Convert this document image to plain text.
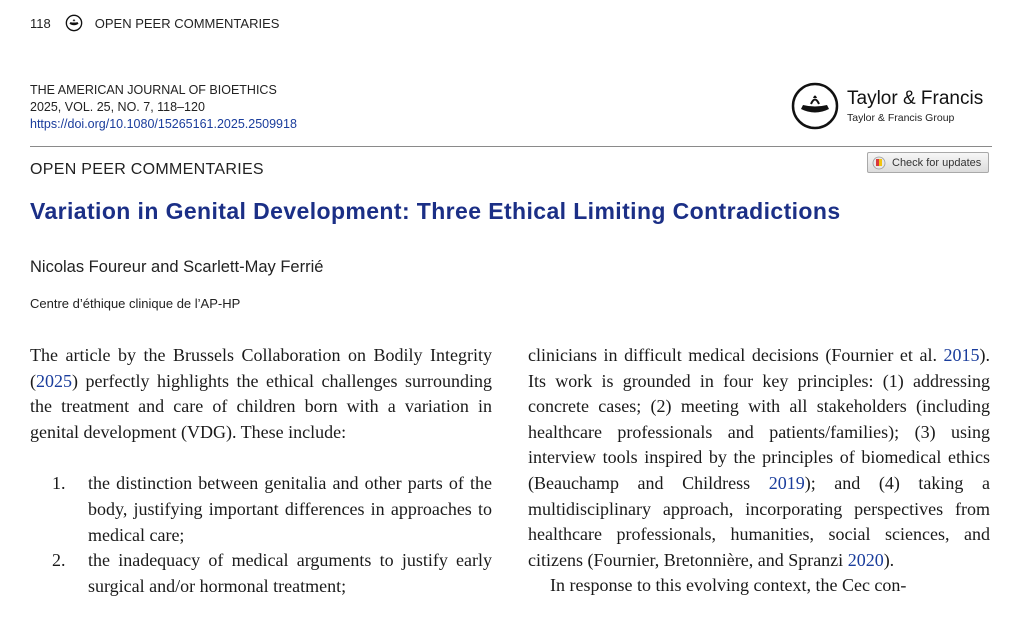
118	OPEN PEER COMMENTARIES
THE AMERICAN JOURNAL OF BIOETHICS
2025, VOL. 25, NO. 7, 118–120
https://doi.org/10.1080/15265161.2025.2509918
Taylor & Francis
Taylor & Francis Group
OPEN PEER COMMENTARIES	Check for updates
Variation in Genital Development: Three Ethical Limiting Contradictions
Nicolas Foureur and Scarlett-May Ferrié
Centre d’éthique clinique de l’AP-HP

The article by the Brussels Collaboration on Bodily Integrity (2025) perfectly highlights the ethical challenges surrounding the treatment and care of children born with a variation in genital development (VDG). These include:

1.	the distinction between genitalia and other parts of the body, justifying important differences in approaches to medical care;
2.	the inadequacy of medical arguments to justify early surgical and/or hormonal treatment;

clinicians in difficult medical decisions (Fournier et al. 2015). Its work is grounded in four key principles: (1) addressing concrete cases; (2) meeting with all stakeholders (including healthcare professionals and patients/families); (3) using interview tools inspired by the principles of biomedical ethics (Beauchamp and Childress 2019); and (4) taking a multidisciplinary approach, incorporating perspectives from healthcare professionals, humanities, social sciences, and citizens (Fournier, Bretonnière, and Spranzi 2020).

In response to this evolving context, the Cec con-
